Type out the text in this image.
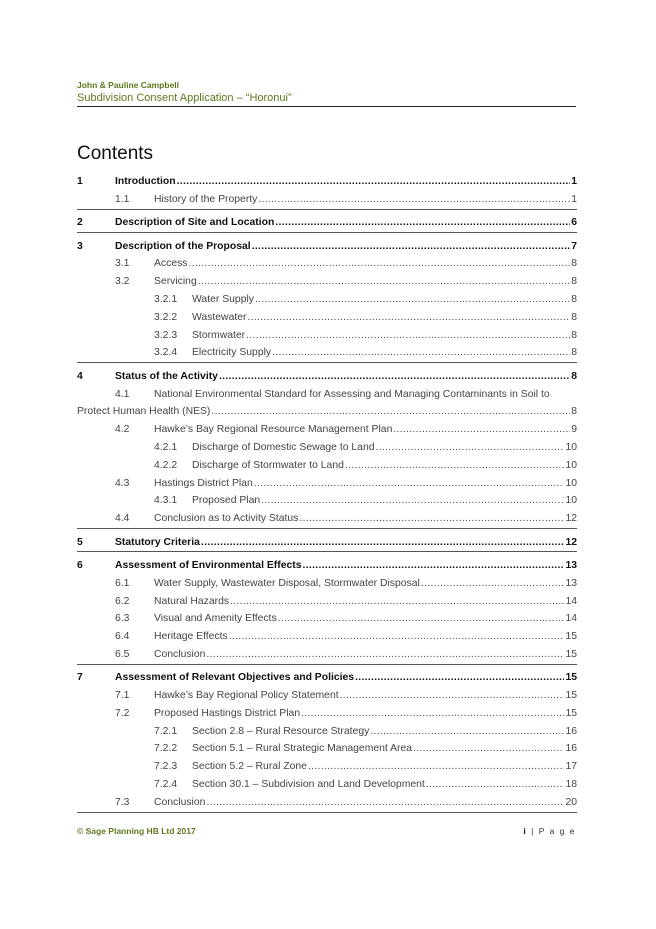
John & Pauline Campbell
Subdivision Consent Application – “Horonui”
Contents
1	Introduction .....	1
1.1 History of the Property .....	1
2	Description of Site and Location .....	6
3	Description of the Proposal .....	7
3.1 Access .....	8
3.2 Servicing .....	8
3.2.1 Water Supply .....	8
3.2.2 Wastewater .....	8
3.2.3 Stormwater .....	8
3.2.4 Electricity Supply .....	8
4	Status of the Activity .....	8
4.1 National Environmental Standard for Assessing and Managing Contaminants in Soil to
Protect Human Health (NES) .....	8
4.2 Hawke’s Bay Regional Resource Management Plan .....	9
4.2.1 Discharge of Domestic Sewage to Land .....	10
4.2.2 Discharge of Stormwater to Land .....	10
4.3 Hastings District Plan .....	10
4.3.1 Proposed Plan .....	10
4.4 Conclusion as to Activity Status .....	12
5	Statutory Criteria .....	12
6	Assessment of Environmental Effects .....	13
6.1 Water Supply, Wastewater Disposal, Stormwater Disposal .....	13
6.2 Natural Hazards .....	14
6.3 Visual and Amenity Effects .....	14
6.4 Heritage Effects .....	15
6.5 Conclusion .....	15
7	Assessment of Relevant Objectives and Policies .....	15
7.1 Hawke’s Bay Regional Policy Statement .....	15
7.2 Proposed Hastings District Plan .....	15
7.2.1 Section 2.8 – Rural Resource Strategy .....	16
7.2.2 Section 5.1 – Rural Strategic Management Area .....	16
7.2.3 Section 5.2 – Rural Zone .....	17
7.2.4 Section 30.1 – Subdivision and Land Development .....	18
7.3 Conclusion .....	20
© Sage Planning HB Ltd 2017	i | P a g e
